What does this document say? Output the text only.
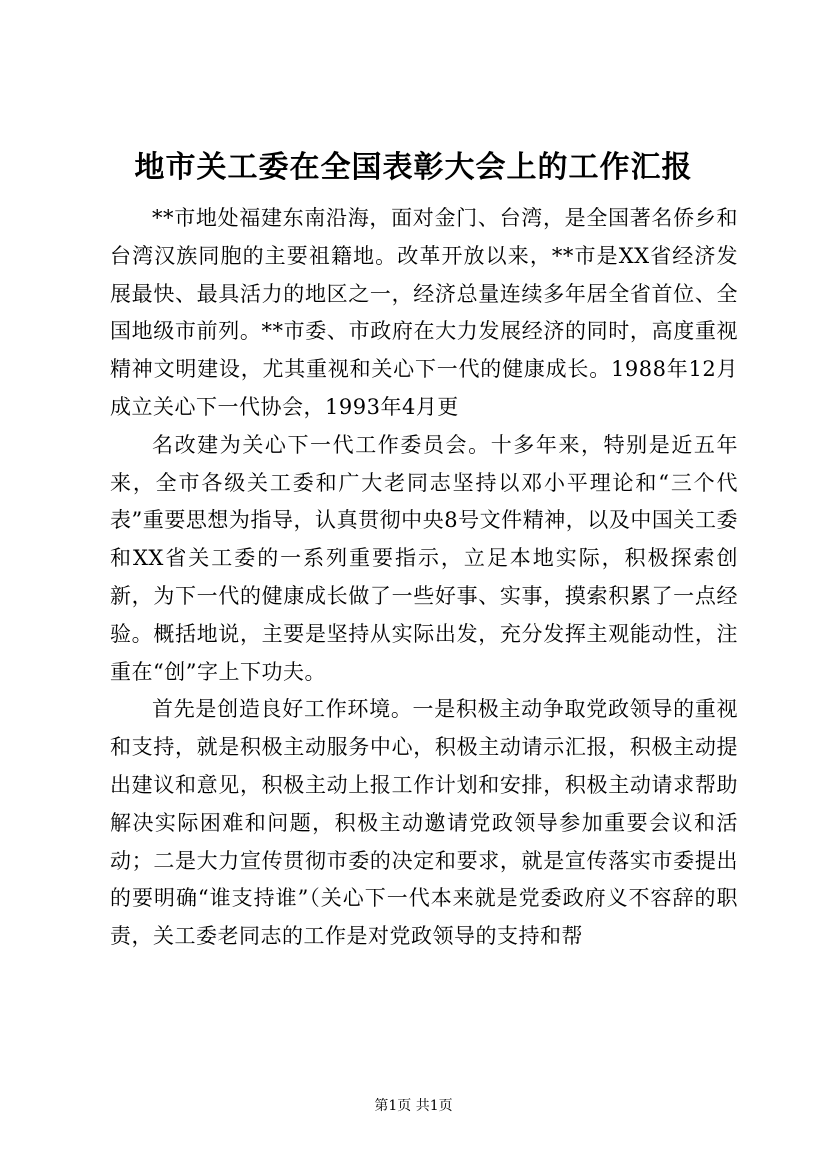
地市关工委在全国表彰大会上的工作汇报

**市地处福建东南沿海，面对金门、台湾，是全国著名侨乡和台湾汉族同胞的主要祖籍地。改革开放以来，**市是XX省经济发展最快、最具活力的地区之一，经济总量连续多年居全省首位、全国地级市前列。**市委、市政府在大力发展经济的同时，高度重视精神文明建设，尤其重视和关心下一代的健康成长。1988年12月成立关心下一代协会，1993年4月更

名改建为关心下一代工作委员会。十多年来，特别是近五年来，全市各级关工委和广大老同志坚持以邓小平理论和“三个代表”重要思想为指导，认真贯彻中央8号文件精神，以及中国关工委和XX省关工委的一系列重要指示，立足本地实际，积极探索创新，为下一代的健康成长做了一些好事、实事，摸索积累了一点经验。概括地说，主要是坚持从实际出发，充分发挥主观能动性，注重在“创”字上下功夫。

首先是创造良好工作环境。一是积极主动争取党政领导的重视和支持，就是积极主动服务中心，积极主动请示汇报，积极主动提出建议和意见，积极主动上报工作计划和安排，积极主动请求帮助解决实际困难和问题，积极主动邀请党政领导参加重要会议和活动；二是大力宣传贯彻市委的决定和要求，就是宣传落实市委提出的要明确“谁支持谁”（关心下一代本来就是党委政府义不容辞的职责，关工委老同志的工作是对党政领导的支持和帮

第1页 共1页
